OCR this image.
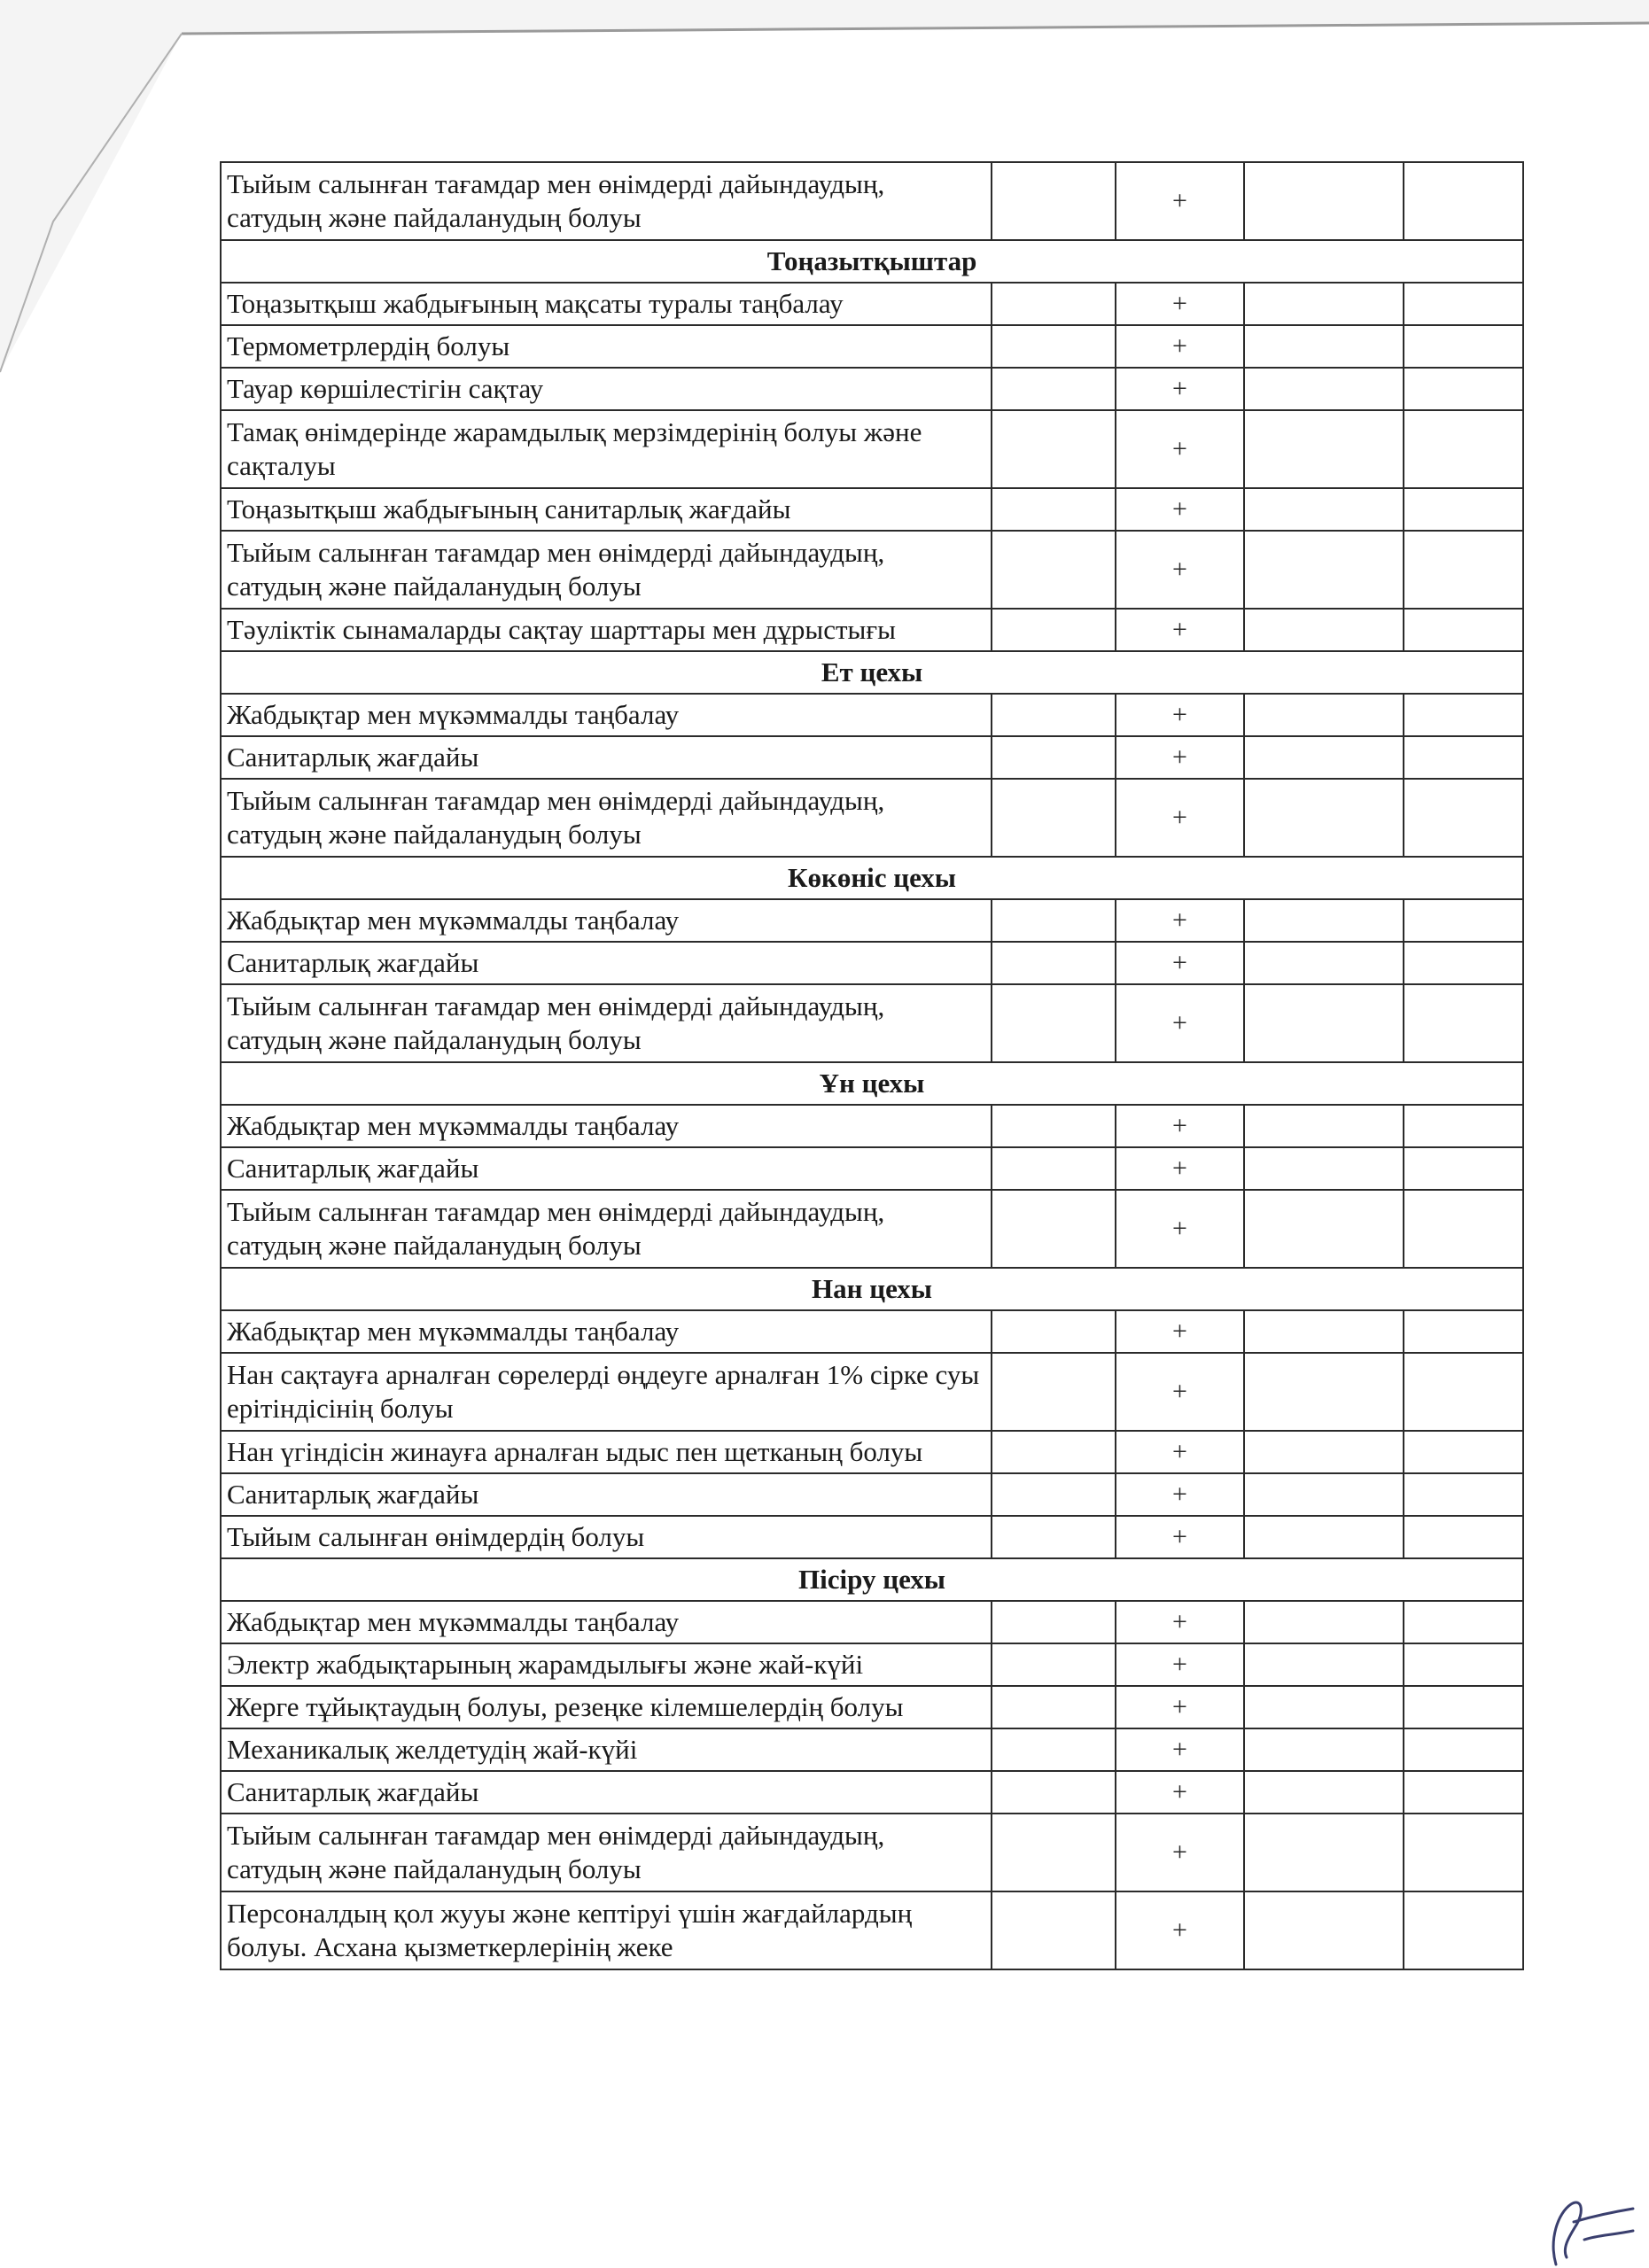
Тыйым салынған тағамдар мен өнімдерді дайындаудың, сатудың және пайдаланудың болуы		+		
Тоңазытқыштар				
Тоңазытқыш жабдығының мақсаты туралы таңбалау		+		
Термометрлердің болуы		+		
Тауар көршілестігін сақтау		+		
Тамақ өнімдерінде жарамдылық мерзімдерінің болуы және сақталуы		+		
Тоңазытқыш жабдығының санитарлық жағдайы		+		
Тыйым салынған тағамдар мен өнімдерді дайындаудың, сатудың және пайдаланудың болуы		+		
Тәуліктік сынамаларды сақтау шарттары мен дұрыстығы		+		
Ет цехы				
Жабдықтар мен мүкәммалды таңбалау		+		
Санитарлық жағдайы		+		
Тыйым салынған тағамдар мен өнімдерді дайындаудың, сатудың және пайдаланудың болуы		+		
Көкөніс цехы				
Жабдықтар мен мүкәммалды таңбалау		+		
Санитарлық жағдайы		+		
Тыйым салынған тағамдар мен өнімдерді дайындаудың, сатудың және пайдаланудың болуы		+		
Ұн цехы				
Жабдықтар мен мүкәммалды таңбалау		+		
Санитарлық жағдайы		+		
Тыйым салынған тағамдар мен өнімдерді дайындаудың, сатудың және пайдаланудың болуы		+		
Нан цехы				
Жабдықтар мен мүкәммалды таңбалау		+		
Нан сақтауға арналған сөрелерді өңдеуге арналған 1% сірке суы ерітіндісінің болуы		+		
Нан үгіндісін жинауға арналған ыдыс пен щетканың болуы		+		
Санитарлық жағдайы		+		
Тыйым салынған өнімдердің болуы		+		
Пісіру цехы				
Жабдықтар мен мүкәммалды таңбалау		+		
Электр жабдықтарының жарамдылығы және жай-күйі		+		
Жерге тұйықтаудың болуы, резеңке кілемшелердің болуы		+		
Механикалық желдетудің жай-күйі		+		
Санитарлық жағдайы		+		
Тыйым салынған тағамдар мен өнімдерді дайындаудың, сатудың және пайдаланудың болуы		+		
Персоналдың қол жууы және кептіруі үшін жағдайлардың болуы. Асхана қызметкерлерінің жеке		+		
